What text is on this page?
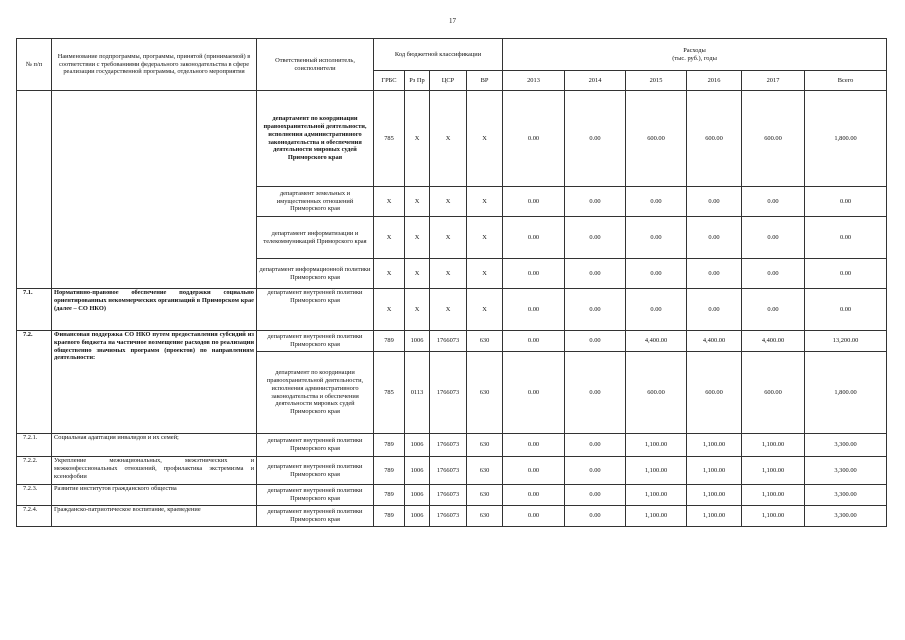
17
№ п/п	Наименование подпрограммы, программы, принятой (принимаемой) в соответствии с требованиями федерального законодательства в сфере реализации государственной программы, отдельного мероприятия	Ответственный исполнитель, соисполнители	Код бюджетной классификации				Расходы
(тыс. руб.), годы					

			ГРБС	Рз Пр	ЦСР	ВР	2013	2014	2015	2016	2017	Всего
		департамент по координации правоохранительной деятельности, исполнения административного законодательства и обеспечения деятельности мировых судей Приморского края	785	X	X	X	0.00	0.00	600.00	600.00	600.00	1,800.00
		департамент земельных и имущественных отношений Приморского края	X	X	X	X	0.00	0.00	0.00	0.00	0.00	0.00
		департамент информатизации и телекоммуникаций Приморского края	X	X	X	X	0.00	0.00	0.00	0.00	0.00	0.00
		департамент информационной политики Приморского края	X	X	X	X	0.00	0.00	0.00	0.00	0.00	0.00
7.1.	Нормативно-правовое обеспечение поддержки социально ориентированных некоммерческих организаций в Приморском крае (далее – СО НКО)	департамент внутренней политики Приморского края	X	X	X	X	0.00	0.00	0.00	0.00	0.00	0.00
7.2.	Финансовая поддержка СО НКО путем предоставления субсидий из краевого бюджета на частичное возмещение расходов по реализации общественно значимых программ (проектов) по направлениям деятельности:	департамент внутренней политики Приморского края	789	1006	1766073	630	0.00	0.00	4,400.00	4,400.00	4,400.00	13,200.00
		департамент по координации правоохранительной деятельности, исполнения административного законодательства и обеспечения деятельности мировых судей Приморского края	785	0113	1766073	630	0.00	0.00	600.00	600.00	600.00	1,800.00
7.2.1.	Социальная адаптация инвалидов и их семей;	департамент внутренней политики Приморского края	789	1006	1766073	630	0.00	0.00	1,100.00	1,100.00	1,100.00	3,300.00
7.2.2.	Укрепление межнациональных, межэтнических и межконфессиональных отношений, профилактика экстремизма и ксенофобии	департамент внутренней политики Приморского края	789	1006	1766073	630	0.00	0.00	1,100.00	1,100.00	1,100.00	3,300.00
7.2.3.	Развитие институтов гражданского общества	департамент внутренней политики Приморского края	789	1006	1766073	630	0.00	0.00	1,100.00	1,100.00	1,100.00	3,300.00
7.2.4.	Гражданско-патриотическое воспитание, краеведение	департамент внутренней политики Приморского края	789	1006	1766073	630	0.00	0.00	1,100.00	1,100.00	1,100.00	3,300.00
